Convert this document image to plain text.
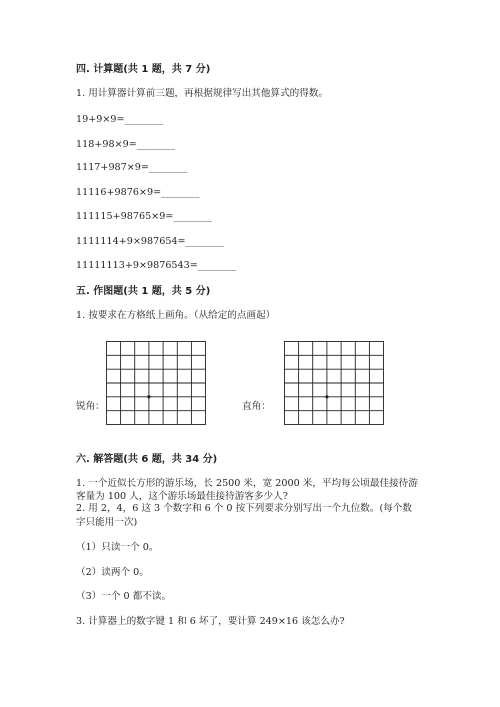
四. 计算题(共 1 题，共 7 分)
1. 用计算器计算前三题，再根据规律写出其他算式的得数。
19+9×9=________
118+98×9=________
1117+987×9=________
11116+9876×9=________
111115+98765×9=________
1111114+9×987654=________
11111113+9×9876543=________
五. 作图题(共 1 题，共 5 分)
1. 按要求在方格纸上画角。（从给定的点画起）
锐角：	直角：
六. 解答题(共 6 题，共 34 分)
1. 一个近似长方形的游乐场，长 2500 米，宽 2000 米，平均每公顷最佳接待游
客量为 100 人，这个游乐场最佳接待游客多少人?
2. 用 2，4，6 这 3 个数字和 6 个 0 按下列要求分别写出一个九位数。(每个数
字只能用一次)
（1）只读一个 0。
（2）读两个 0。
（3）一个 0 都不读。
3. 计算器上的数字键 1 和 6 坏了，要计算 249×16 该怎么办?
